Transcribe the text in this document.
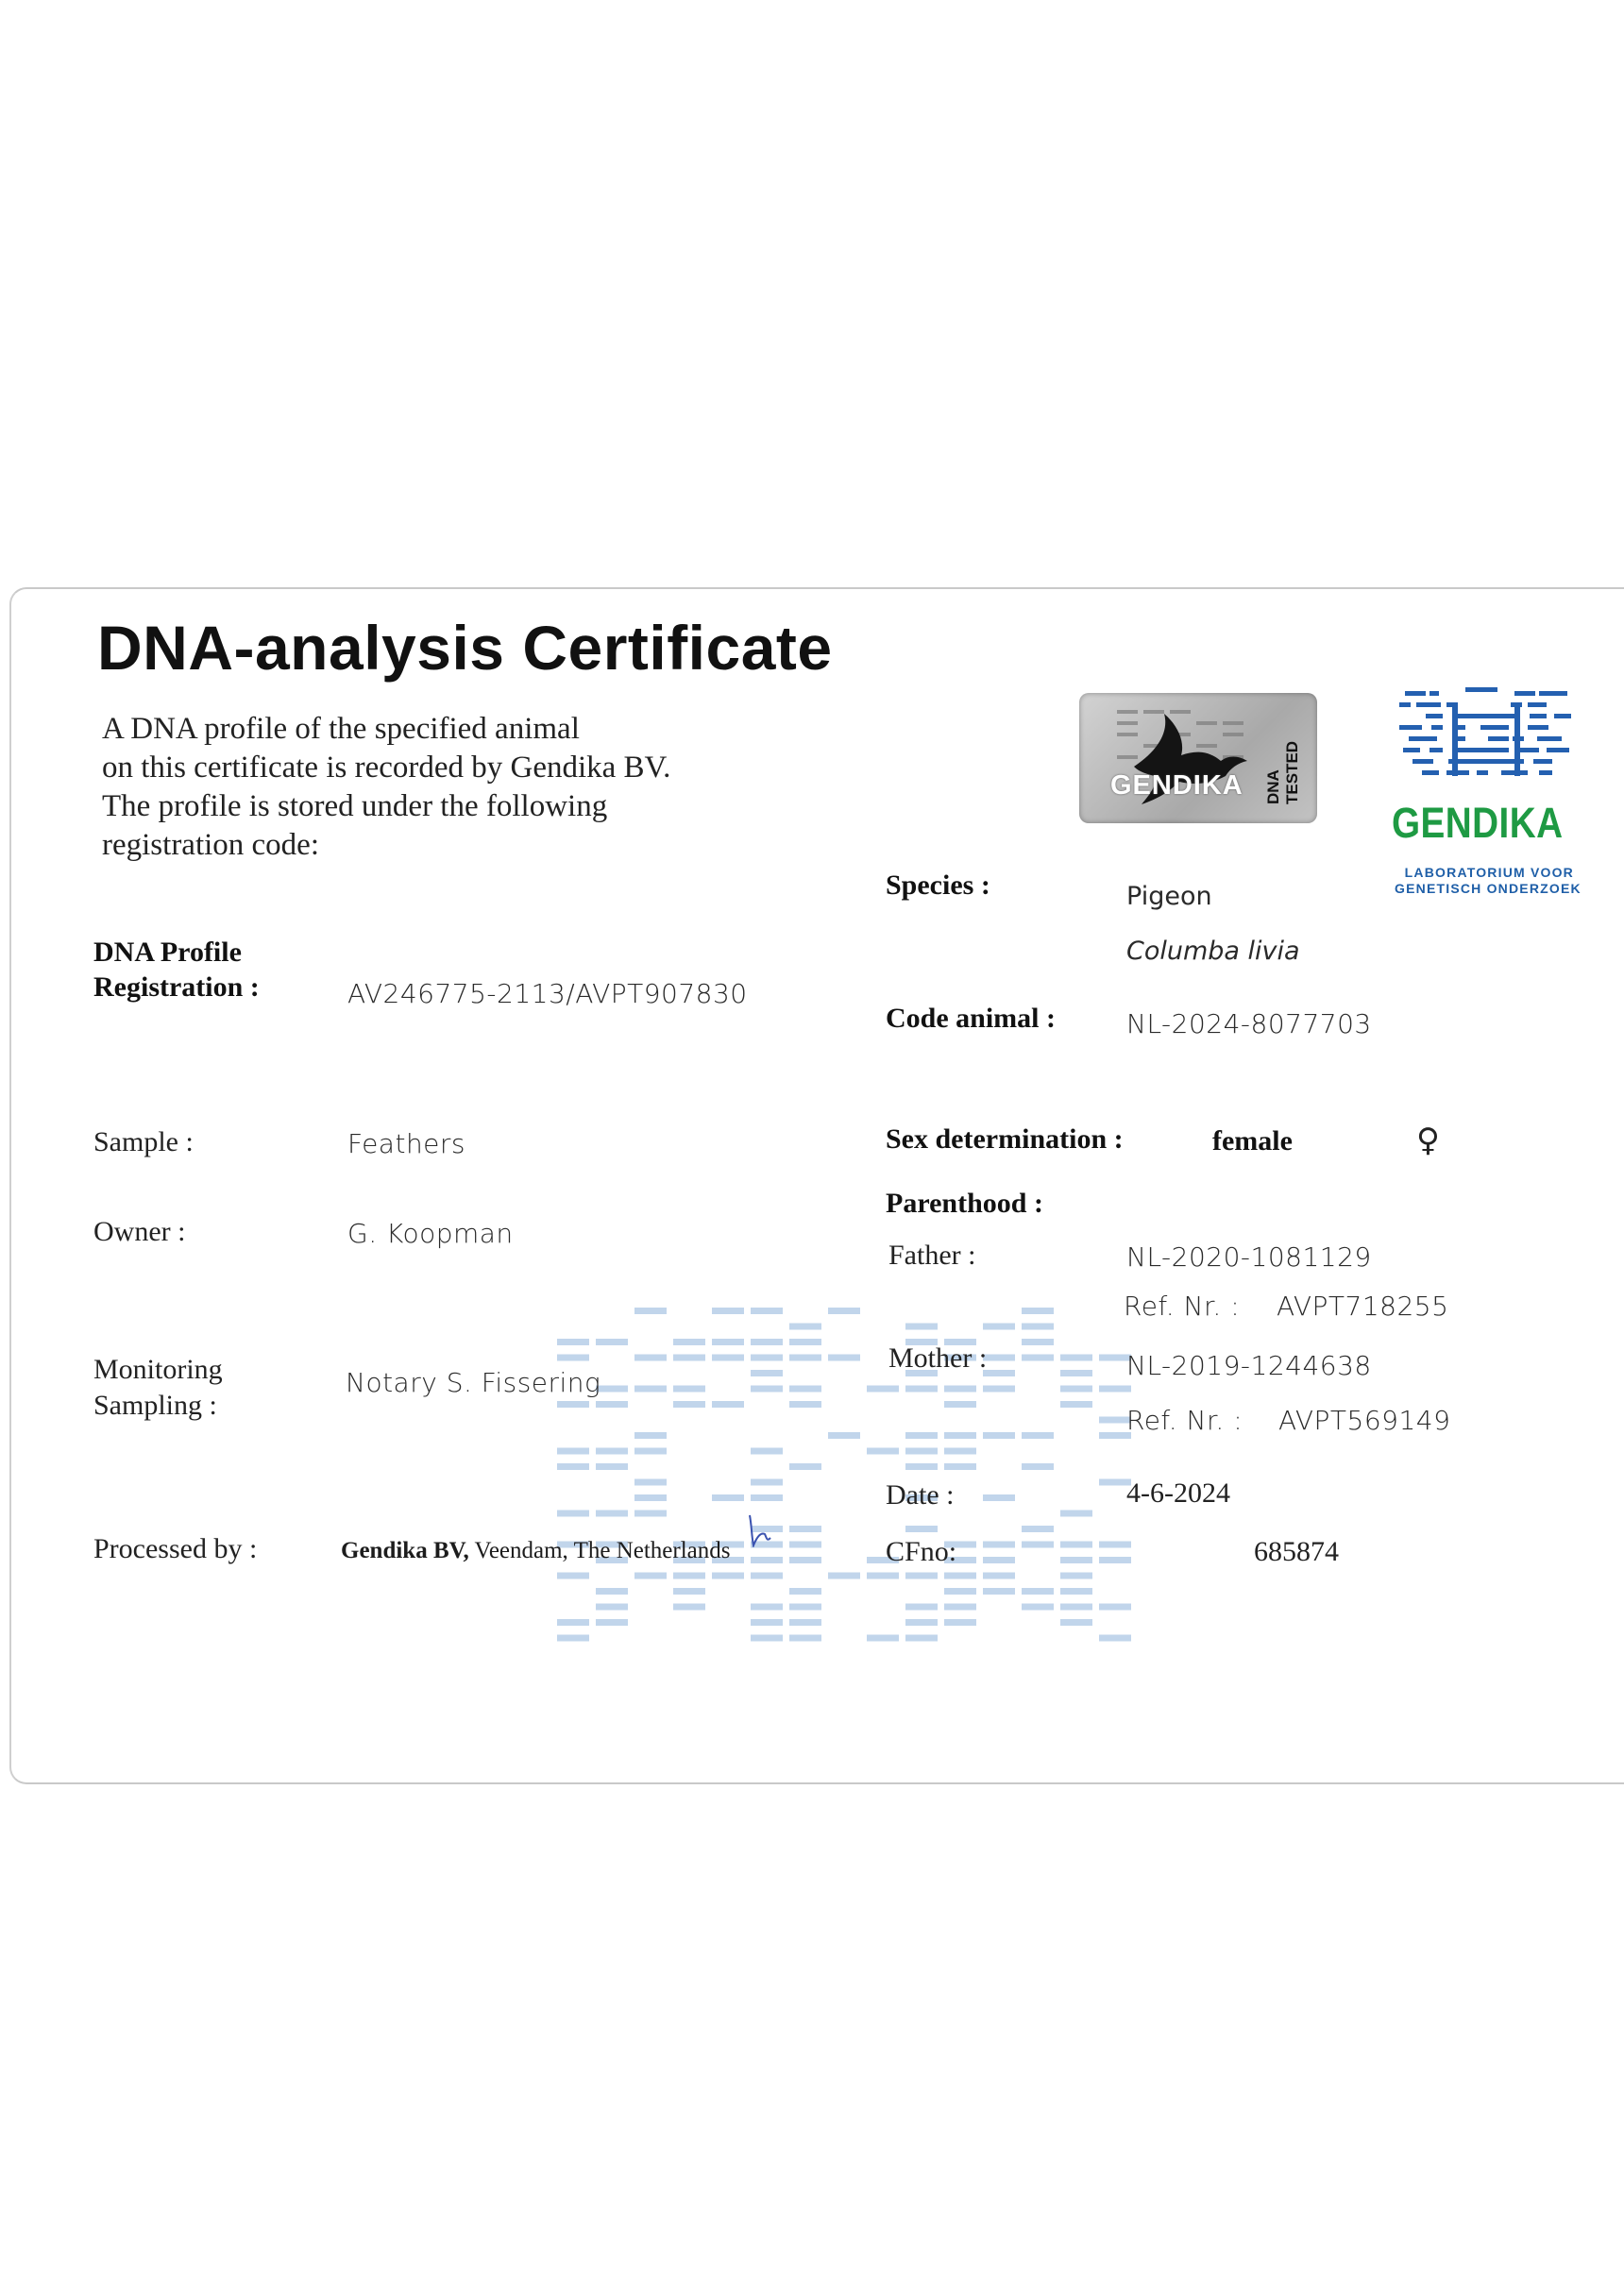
DNA-analysis Certificate
A DNA profile of the specified animal
on this certificate is recorded by Gendika BV.
The profile is stored under the following
registration code:
GENDIKA DNA TESTED
GENDIKA
LABORATORIUM VOOR
GENETISCH ONDERZOEK
DNA Profile
Registration :	AV246775-2113/AVPT907830
Sample :	Feathers
Owner :	G. Koopman
Monitoring
Sampling :
Notary S. Fissering
Processed by :	Gendika BV, Veendam, The Netherlands
Species :	Pigeon
Columba livia
Code animal :	NL-2024-8077703
Sex determination :	female	♀
Parenthood :
Father :	NL-2020-1081129
Ref. Nr. : AVPT718255
Mother :	NL-2019-1244638
Ref. Nr. : AVPT569149
Date :	4-6-2024
CFno:	685874
